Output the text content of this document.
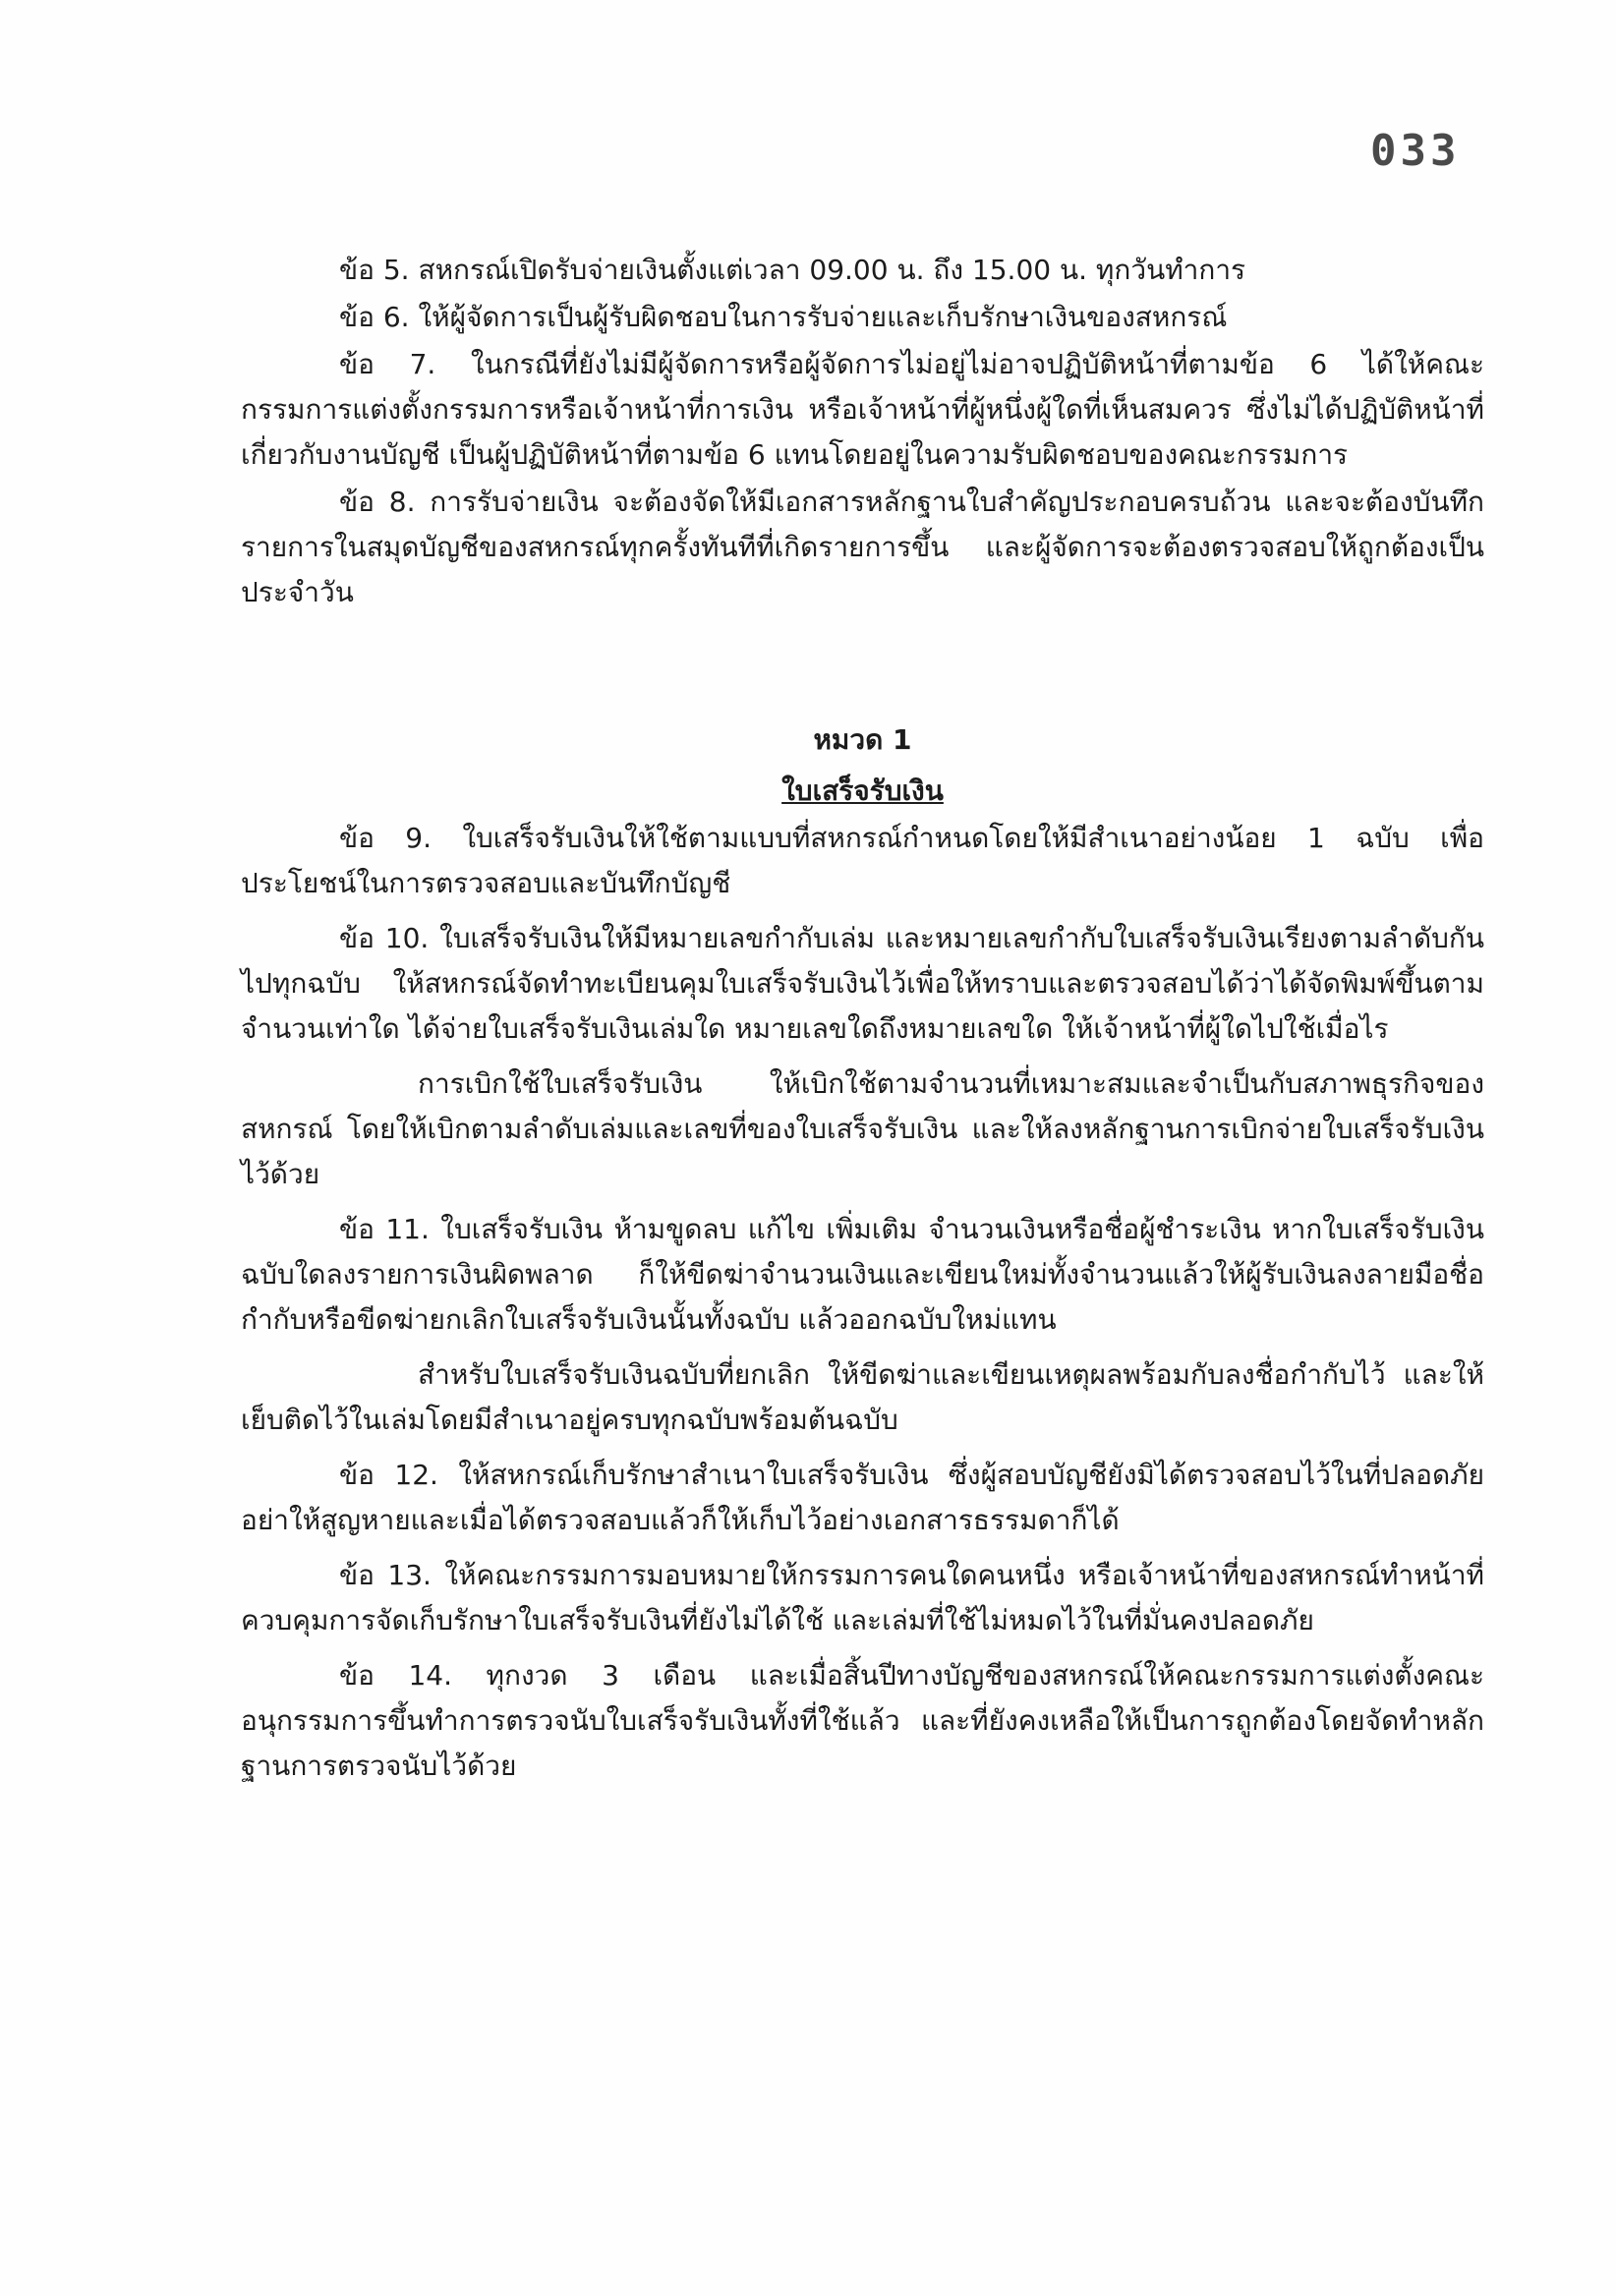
033

ข้อ 5. สหกรณ์เปิดรับจ่ายเงินตั้งแต่เวลา 09.00 น. ถึง 15.00 น. ทุกวันทำการ

ข้อ 6. ให้ผู้จัดการเป็นผู้รับผิดชอบในการรับจ่ายและเก็บรักษาเงินของสหกรณ์

ข้อ 7. ในกรณีที่ยังไม่มีผู้จัดการหรือผู้จัดการไม่อยู่ไม่อาจปฏิบัติหน้าที่ตามข้อ 6 ได้ให้คณะกรรมการแต่งตั้งกรรมการหรือเจ้าหน้าที่การเงิน หรือเจ้าหน้าที่ผู้หนึ่งผู้ใดที่เห็นสมควร ซึ่งไม่ได้ปฏิบัติหน้าที่เกี่ยวกับงานบัญชี เป็นผู้ปฏิบัติหน้าที่ตามข้อ 6 แทนโดยอยู่ในความรับผิดชอบของคณะกรรมการ

ข้อ 8. การรับจ่ายเงิน จะต้องจัดให้มีเอกสารหลักฐานใบสำคัญประกอบครบถ้วน และจะต้องบันทึกรายการในสมุดบัญชีของสหกรณ์ทุกครั้งทันทีที่เกิดรายการขึ้น และผู้จัดการจะต้องตรวจสอบให้ถูกต้องเป็นประจำวัน

หมวด 1
ใบเสร็จรับเงิน

ข้อ 9. ใบเสร็จรับเงินให้ใช้ตามแบบที่สหกรณ์กำหนดโดยให้มีสำเนาอย่างน้อย 1 ฉบับ เพื่อประโยชน์ในการตรวจสอบและบันทึกบัญชี

ข้อ 10. ใบเสร็จรับเงินให้มีหมายเลขกำกับเล่ม และหมายเลขกำกับใบเสร็จรับเงินเรียงตามลำดับกันไปทุกฉบับ ให้สหกรณ์จัดทำทะเบียนคุมใบเสร็จรับเงินไว้เพื่อให้ทราบและตรวจสอบได้ว่าได้จัดพิมพ์ขึ้นตามจำนวนเท่าใด ได้จ่ายใบเสร็จรับเงินเล่มใด หมายเลขใดถึงหมายเลขใด ให้เจ้าหน้าที่ผู้ใดไปใช้เมื่อไร

การเบิกใช้ใบเสร็จรับเงิน ให้เบิกใช้ตามจำนวนที่เหมาะสมและจำเป็นกับสภาพธุรกิจของสหกรณ์ โดยให้เบิกตามลำดับเล่มและเลขที่ของใบเสร็จรับเงิน และให้ลงหลักฐานการเบิกจ่ายใบเสร็จรับเงินไว้ด้วย

ข้อ 11. ใบเสร็จรับเงิน ห้ามขูดลบ แก้ไข เพิ่มเติม จำนวนเงินหรือชื่อผู้ชำระเงิน หากใบเสร็จรับเงินฉบับใดลงรายการเงินผิดพลาด ก็ให้ขีดฆ่าจำนวนเงินและเขียนใหม่ทั้งจำนวนแล้วให้ผู้รับเงินลงลายมือชื่อกำกับหรือขีดฆ่ายกเลิกใบเสร็จรับเงินนั้นทั้งฉบับ แล้วออกฉบับใหม่แทน

สำหรับใบเสร็จรับเงินฉบับที่ยกเลิก ให้ขีดฆ่าและเขียนเหตุผลพร้อมกับลงชื่อกำกับไว้ และให้เย็บติดไว้ในเล่มโดยมีสำเนาอยู่ครบทุกฉบับพร้อมต้นฉบับ

ข้อ 12. ให้สหกรณ์เก็บรักษาสำเนาใบเสร็จรับเงิน ซึ่งผู้สอบบัญชียังมิได้ตรวจสอบไว้ในที่ปลอดภัยอย่าให้สูญหายและเมื่อได้ตรวจสอบแล้วก็ให้เก็บไว้อย่างเอกสารธรรมดาก็ได้

ข้อ 13. ให้คณะกรรมการมอบหมายให้กรรมการคนใดคนหนึ่ง หรือเจ้าหน้าที่ของสหกรณ์ทำหน้าที่ควบคุมการจัดเก็บรักษาใบเสร็จรับเงินที่ยังไม่ได้ใช้ และเล่มที่ใช้ไม่หมดไว้ในที่มั่นคงปลอดภัย

ข้อ 14. ทุกงวด 3 เดือน และเมื่อสิ้นปีทางบัญชีของสหกรณ์ให้คณะกรรมการแต่งตั้งคณะอนุกรรมการขึ้นทำการตรวจนับใบเสร็จรับเงินทั้งที่ใช้แล้ว และที่ยังคงเหลือให้เป็นการถูกต้องโดยจัดทำหลักฐานการตรวจนับไว้ด้วย
